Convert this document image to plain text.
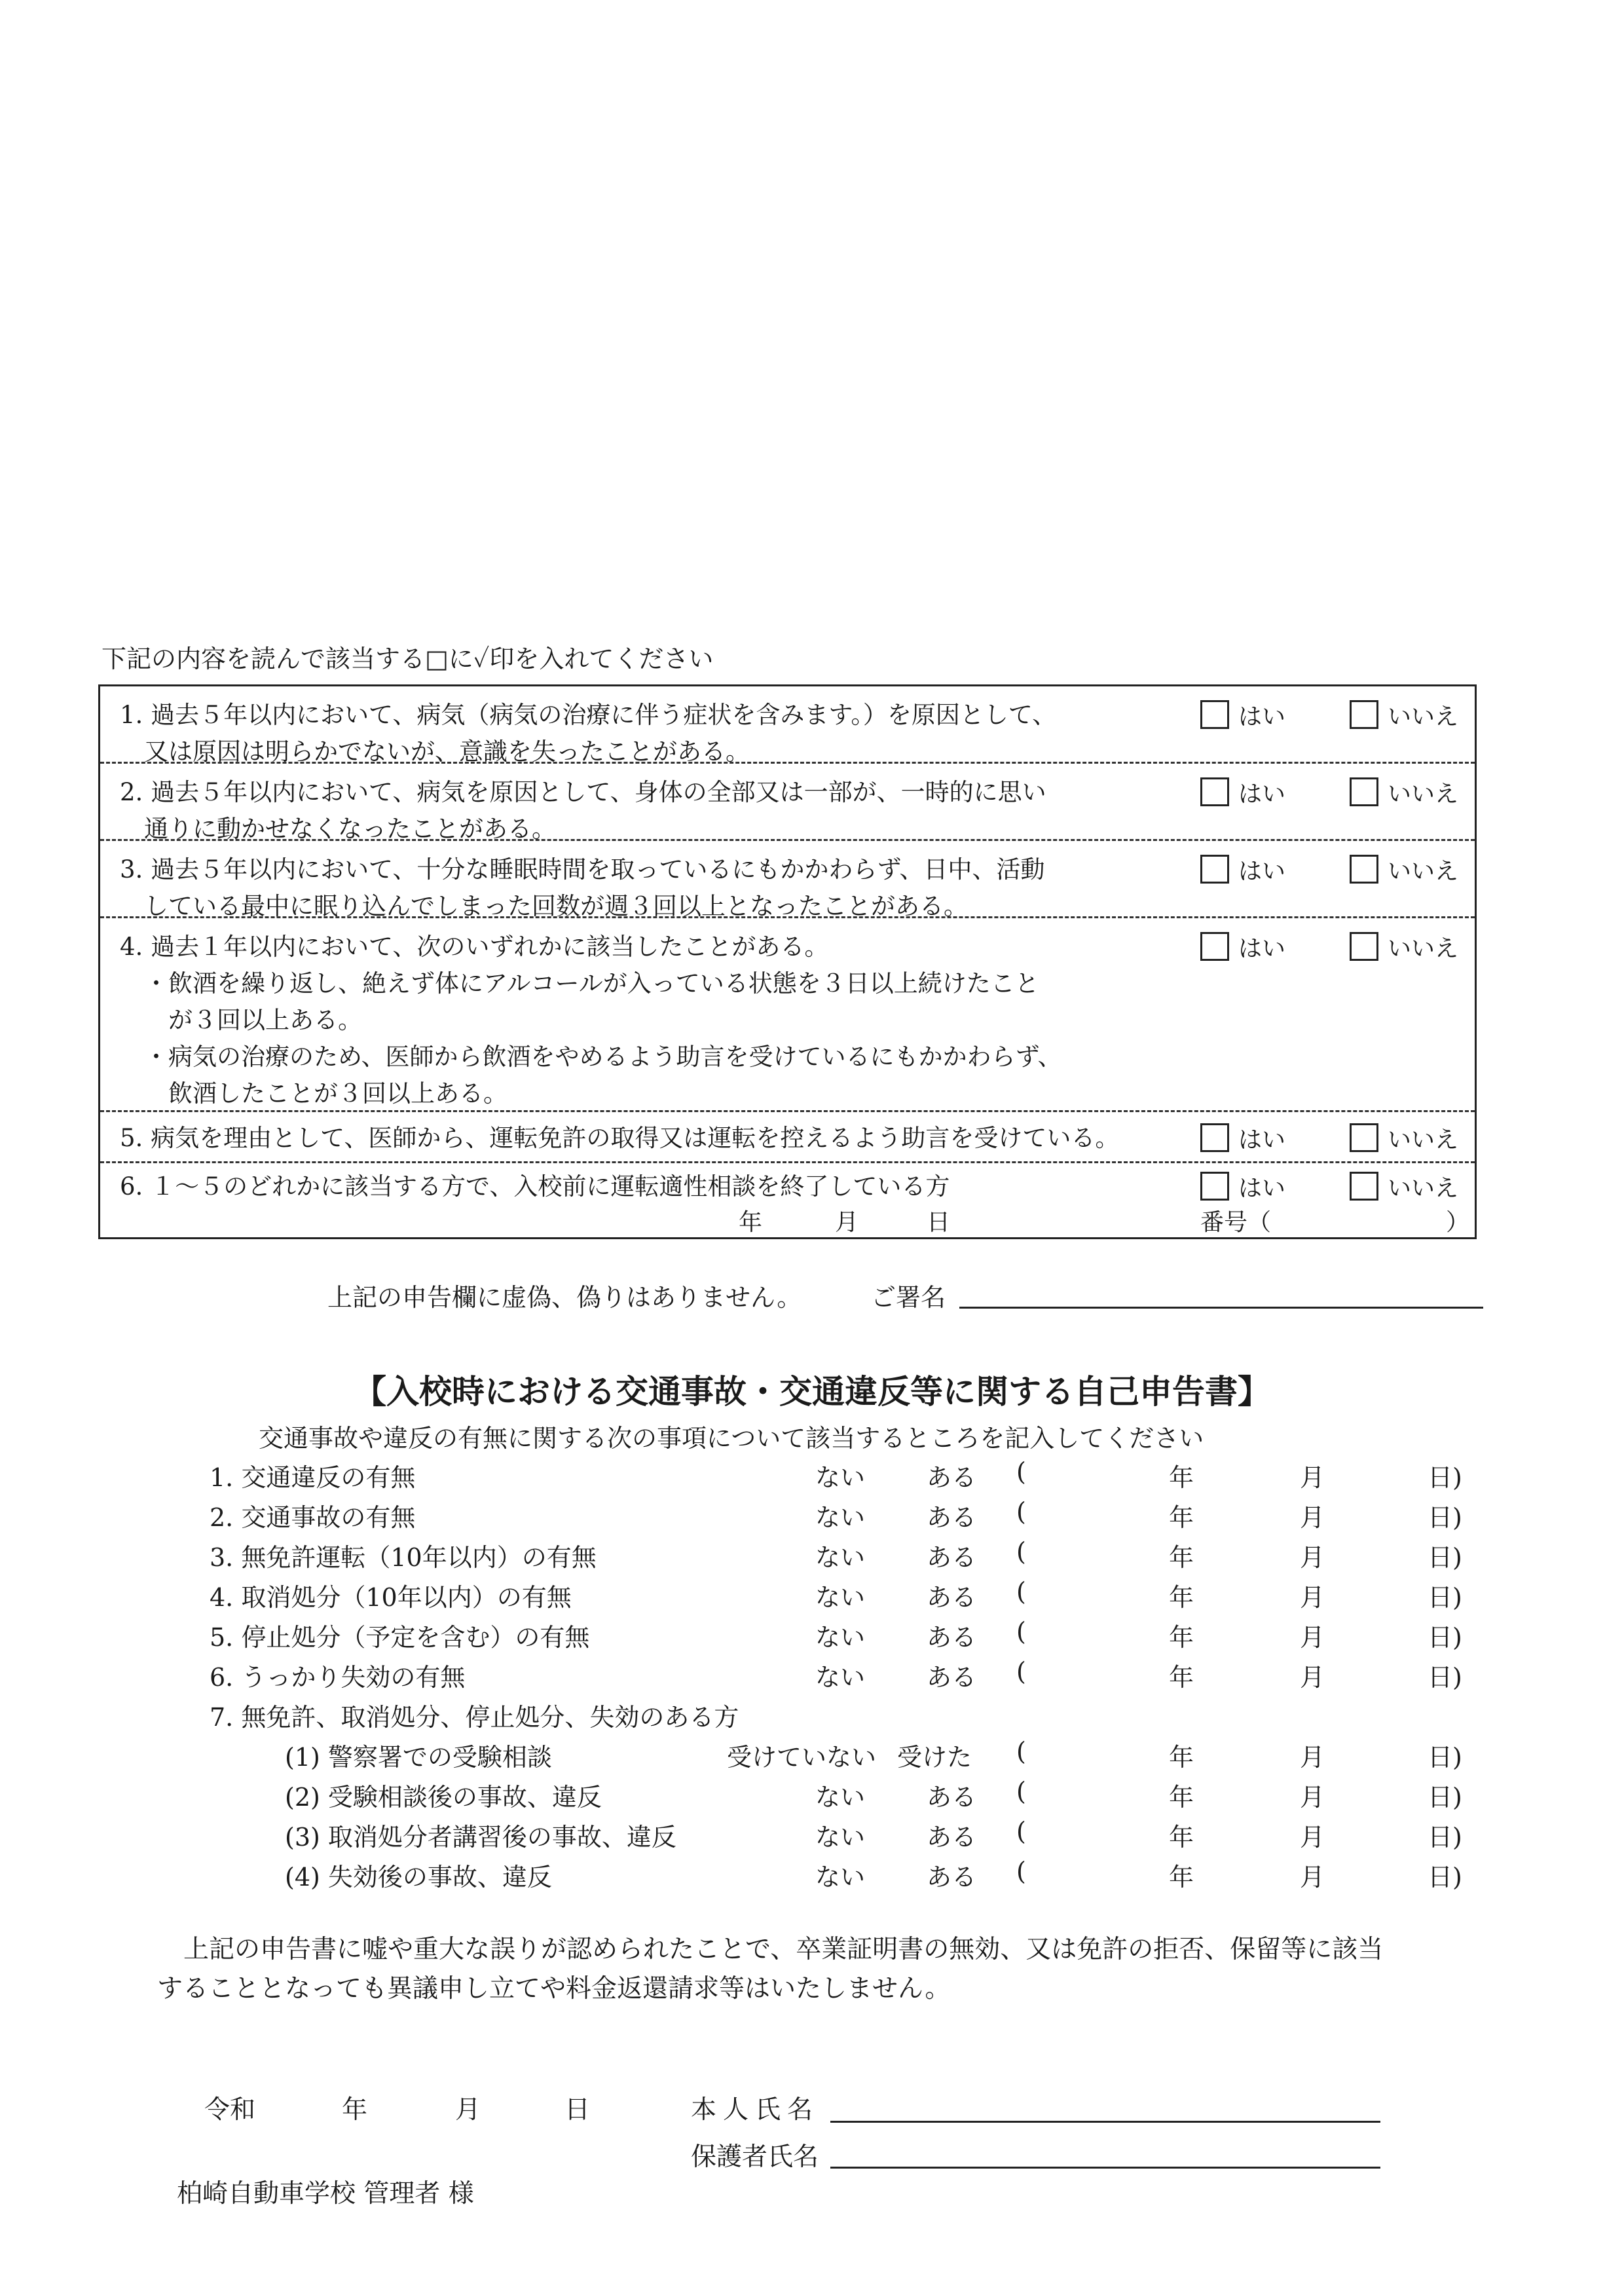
下記の内容を読んで該当する□に✓印を入れてください
1. 過去５年以内において、病気（病気の治療に伴う症状を含みます。）を原因として、
　又は原因は明らかでないが、意識を失ったことがある。
はい	いいえ
2. 過去５年以内において、病気を原因として、身体の全部又は一部が、一時的に思い
　通りに動かせなくなったことがある。
はい	いいえ
3. 過去５年以内において、十分な睡眠時間を取っているにもかかわらず、日中、活動
　している最中に眠り込んでしまった回数が週３回以上となったことがある。
はい	いいえ
4. 過去１年以内において、次のいずれかに該当したことがある。
　・飲酒を繰り返し、絶えず体にアルコールが入っている状態を３日以上続けたこと
　　が３回以上ある。
　・病気の治療のため、医師から飲酒をやめるよう助言を受けているにもかかわらず、
　　飲酒したことが３回以上ある。
はい	いいえ
5. 病気を理由として、医師から、運転免許の取得又は運転を控えるよう助言を受けている。	はい	いいえ
6. １～５のどれかに該当する方で、入校前に運転適性相談を終了している方	はい	いいえ
年	月	日	番号（	）
上記の申告欄に虚偽、偽りはありません。	ご署名
【入校時における交通事故・交通違反等に関する自己申告書】
交通事故や違反の有無に関する次の事項について該当するところを記入してください
1. 交通違反の有無	ない ある (	年	月	日)
2. 交通事故の有無	ない ある (	年	月	日)
3. 無免許運転（10年以内）の有無	ない ある (	年	月	日)
4. 取消処分（10年以内）の有無	ない ある (	年	月	日)
5. 停止処分（予定を含む）の有無	ない ある (	年	月	日)
6. うっかり失効の有無	ない ある (	年	月	日)
7. 無免許、取消処分、停止処分、失効のある方
(1) 警察署での受験相談	受けていない 受けた (	年	月	日)
(2) 受験相談後の事故、違反	ない ある (	年	月	日)
(3) 取消処分者講習後の事故、違反	ない ある (	年	月	日)
(4) 失効後の事故、違反	ない ある (	年	月	日)
上記の申告書に嘘や重大な誤りが認められたことで、卒業証明書の無効、又は免許の拒否、保留等に該当
することとなっても異議申し立てや料金返還請求等はいたしません。
令和	年	月	日	本人氏名
保護者氏名
柏崎自動車学校 管理者 様
